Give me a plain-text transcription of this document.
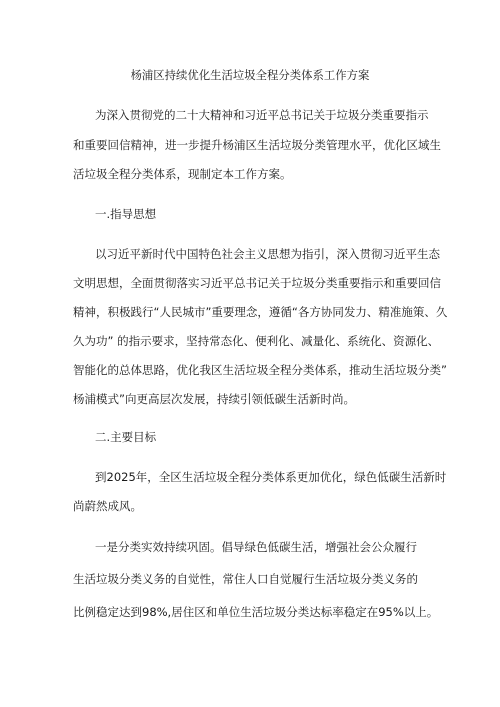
杨浦区持续优化生活垃圾全程分类体系工作方案
为深入贯彻党的二十大精神和习近平总书记关于垃圾分类重要指示
和重要回信精神，进一步提升杨浦区生活垃圾分类管理水平，优化区域生
活垃圾全程分类体系，现制定本工作方案。
一.指导思想
以习近平新时代中国特色社会主义思想为指引，深入贯彻习近平生态
文明思想，全面贯彻落实习近平总书记关于垃圾分类重要指示和重要回信
精神，积极践行“人民城市”重要理念，遵循“各方协同发力、精准施策、久
久为功” 的指示要求，坚持常态化、便利化、减量化、系统化、资源化、
智能化的总体思路，优化我区生活垃圾全程分类体系，推动生活垃圾分类”
杨浦模式”向更高层次发展，持续引领低碳生活新时尚。
二.主要目标
到2025年，全区生活垃圾全程分类体系更加优化，绿色低碳生活新时
尚蔚然成风。
一是分类实效持续巩固。倡导绿色低碳生活，增强社会公众履行
生活垃圾分类义务的自觉性，常住人口自觉履行生活垃圾分类义务的
比例稳定达到98%,居住区和单位生活垃圾分类达标率稳定在95%以上。
